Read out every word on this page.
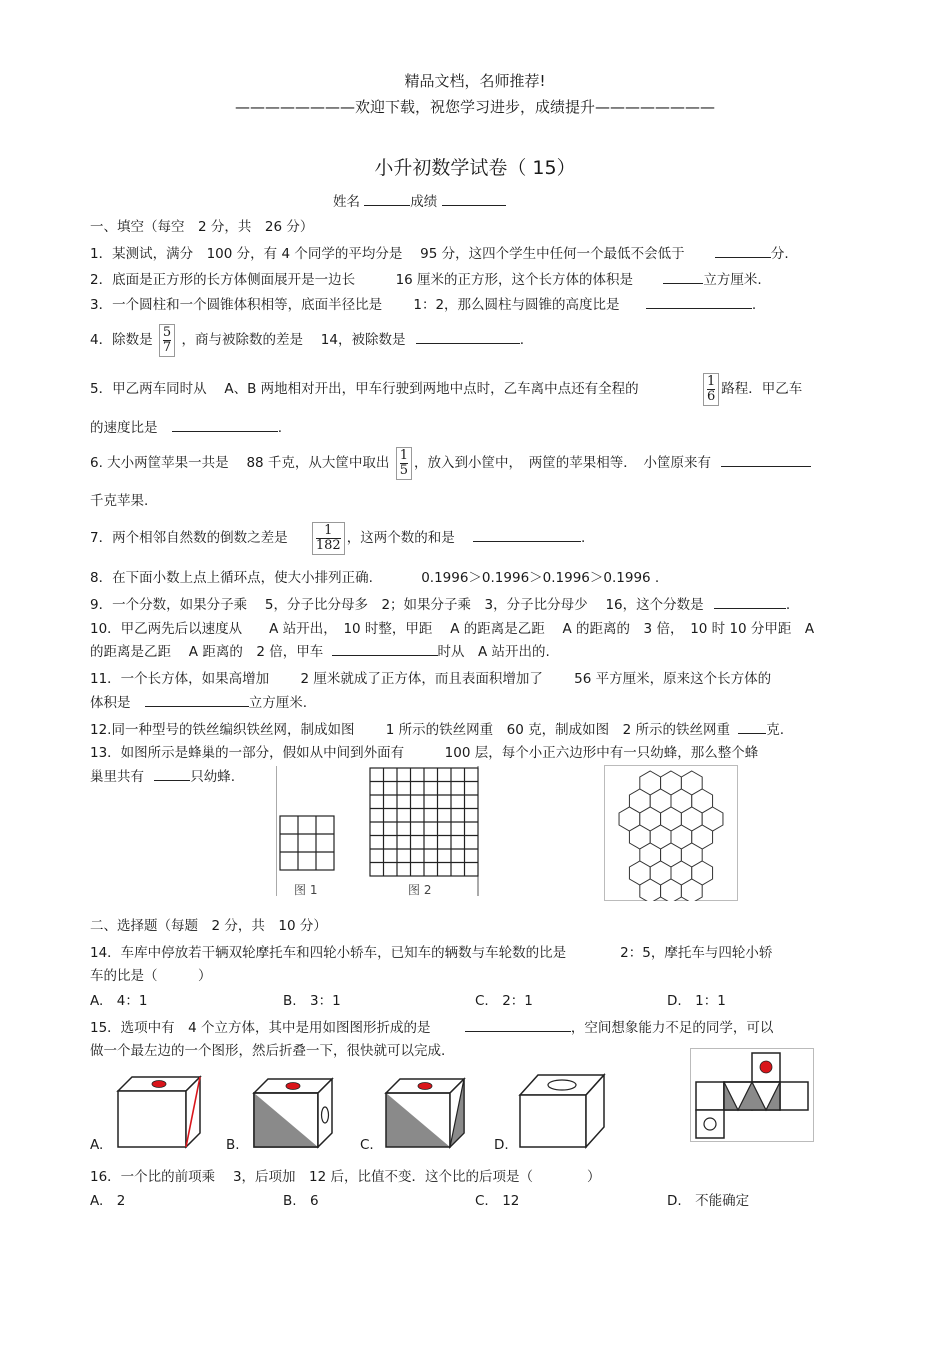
精品文档，名师推荐!
————————欢迎下载，祝您学习进步，成绩提升————————
小升初数学试卷（ 15）
姓名	成绩
一、填空（每空　2 分，共　26 分）
1．某测试，满分　100 分，有 4 个同学的平均分是　 95 分，这四个学生中任何一个最低不会低于	分.
2．底面是正方形的长方体侧面展开是一边长　　　16 厘米的正方形，这个长方体的体积是	立方厘米.
3．一个圆柱和一个圆锥体积相等，底面半径比是　　 1：2，那么圆柱与圆锥的高度比是	.
4．除数是 $\frac{5}{7}$ ，商与被除数的差是　 14，被除数是	.
5．甲乙两车同时从　 A、B 两地相对开出，甲车行驶到两地中点时，乙车离中点还有全程的	$\frac{1}{6}$ 路程．甲乙车
的速度比是	.
6. 大小两筐苹果一共是　 88 千克，从大筐中取出 $\frac{1}{5}$ ，放入到小筐中，　两筐的苹果相等．　小筐原来有
千克苹果.
7．两个相邻自然数的倒数之差是 $\frac{1}{182}$ ，这两个数的和是	.
8．在下面小数上点上循环点，使大小排列正确.	0.1996＞0.1996＞0.1996＞0.1996 .
9．一个分数，如果分子乘　 5，分子比分母多　2；如果分子乘　3，分子比分母少　 16，这个分数是	.
10．甲乙两先后以速度从　　A 站开出，　10 时整，甲距　 A 的距离是乙距　 A 的距离的　3 倍，　10 时 10 分甲距　A
的距离是乙距　 A 距离的　2 倍，甲车	时从　A 站开出的.
11．一个长方体，如果高增加　　 2 厘米就成了正方体，而且表面积增加了　　 56 平方厘米，原来这个长方体的
体积是	立方厘米.
12.同一种型号的铁丝编织铁丝网，制成如图　　 1 所示的铁丝网重　60 克，制成如图　2 所示的铁丝网重	克.
13．如图所示是蜂巢的一部分，假如从中间到外面有　　　100 层，每个小正六边形中有一只幼蜂，那么整个蜂
巢里共有	只幼蜂.
图 1	图 2
二、选择题（每题　2 分，共　10 分）
14．车库中停放若干辆双轮摩托车和四轮小轿车，已知车的辆数与车轮数的比是　　　　2：5，摩托车与四轮小轿
车的比是（　　　）
A.　4：1	B.　3：1	C.　2：1	D.　1：1
15．选项中有　4 个立方体，其中是用如图图形折成的是	，空间想象能力不足的同学，可以
做一个最左边的一个图形，然后折叠一下，很快就可以完成.
A.	B.	C.	D.
16．一个比的前项乘　 3，后项加　12 后，比值不变．这个比的后项是（　　　　）
A.　2	B.　6	C.　12	D.　不能确定
